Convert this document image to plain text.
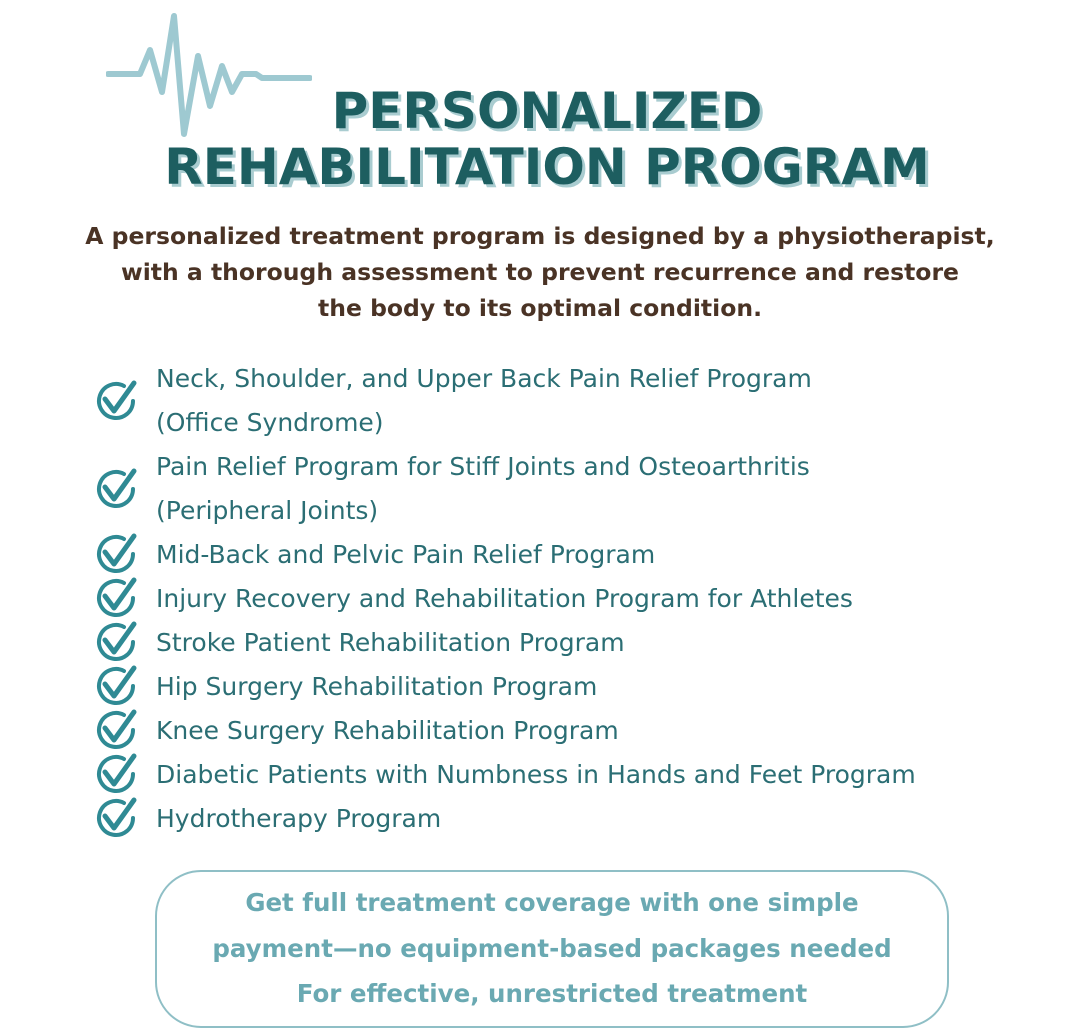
PERSONALIZED
REHABILITATION PROGRAM
A personalized treatment program is designed by a physiotherapist,
with a thorough assessment to prevent recurrence and restore
the body to its optimal condition.
Neck, Shoulder, and Upper Back Pain Relief Program
(Office Syndrome)
Pain Relief Program for Stiff Joints and Osteoarthritis
(Peripheral Joints)
Mid-Back and Pelvic Pain Relief Program
Injury Recovery and Rehabilitation Program for Athletes
Stroke Patient Rehabilitation Program
Hip Surgery Rehabilitation Program
Knee Surgery Rehabilitation Program
Diabetic Patients with Numbness in Hands and Feet Program
Hydrotherapy Program
Get full treatment coverage with one simple
payment—no equipment-based packages needed
For effective, unrestricted treatment
